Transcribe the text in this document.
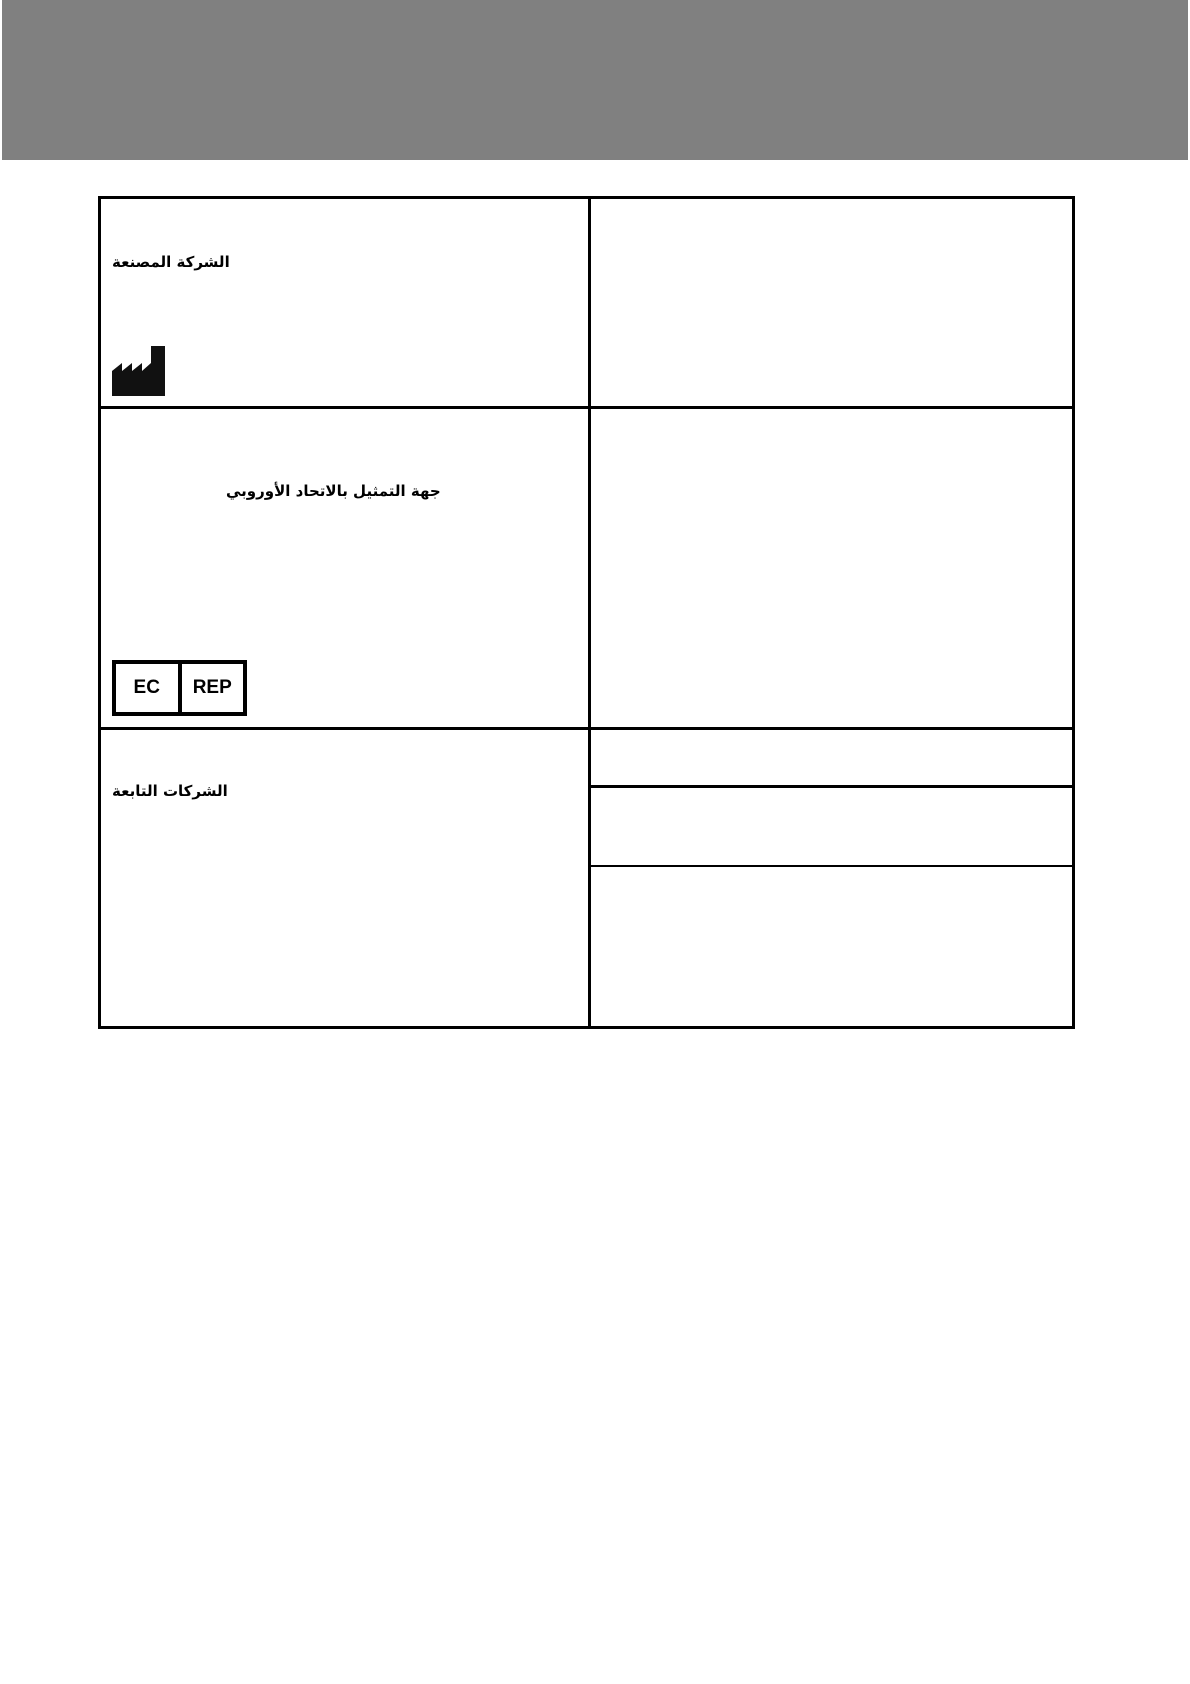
الشركة المصنعة
جهة التمثيل بالاتحاد الأوروبي
EC	REP
الشركات التابعة
